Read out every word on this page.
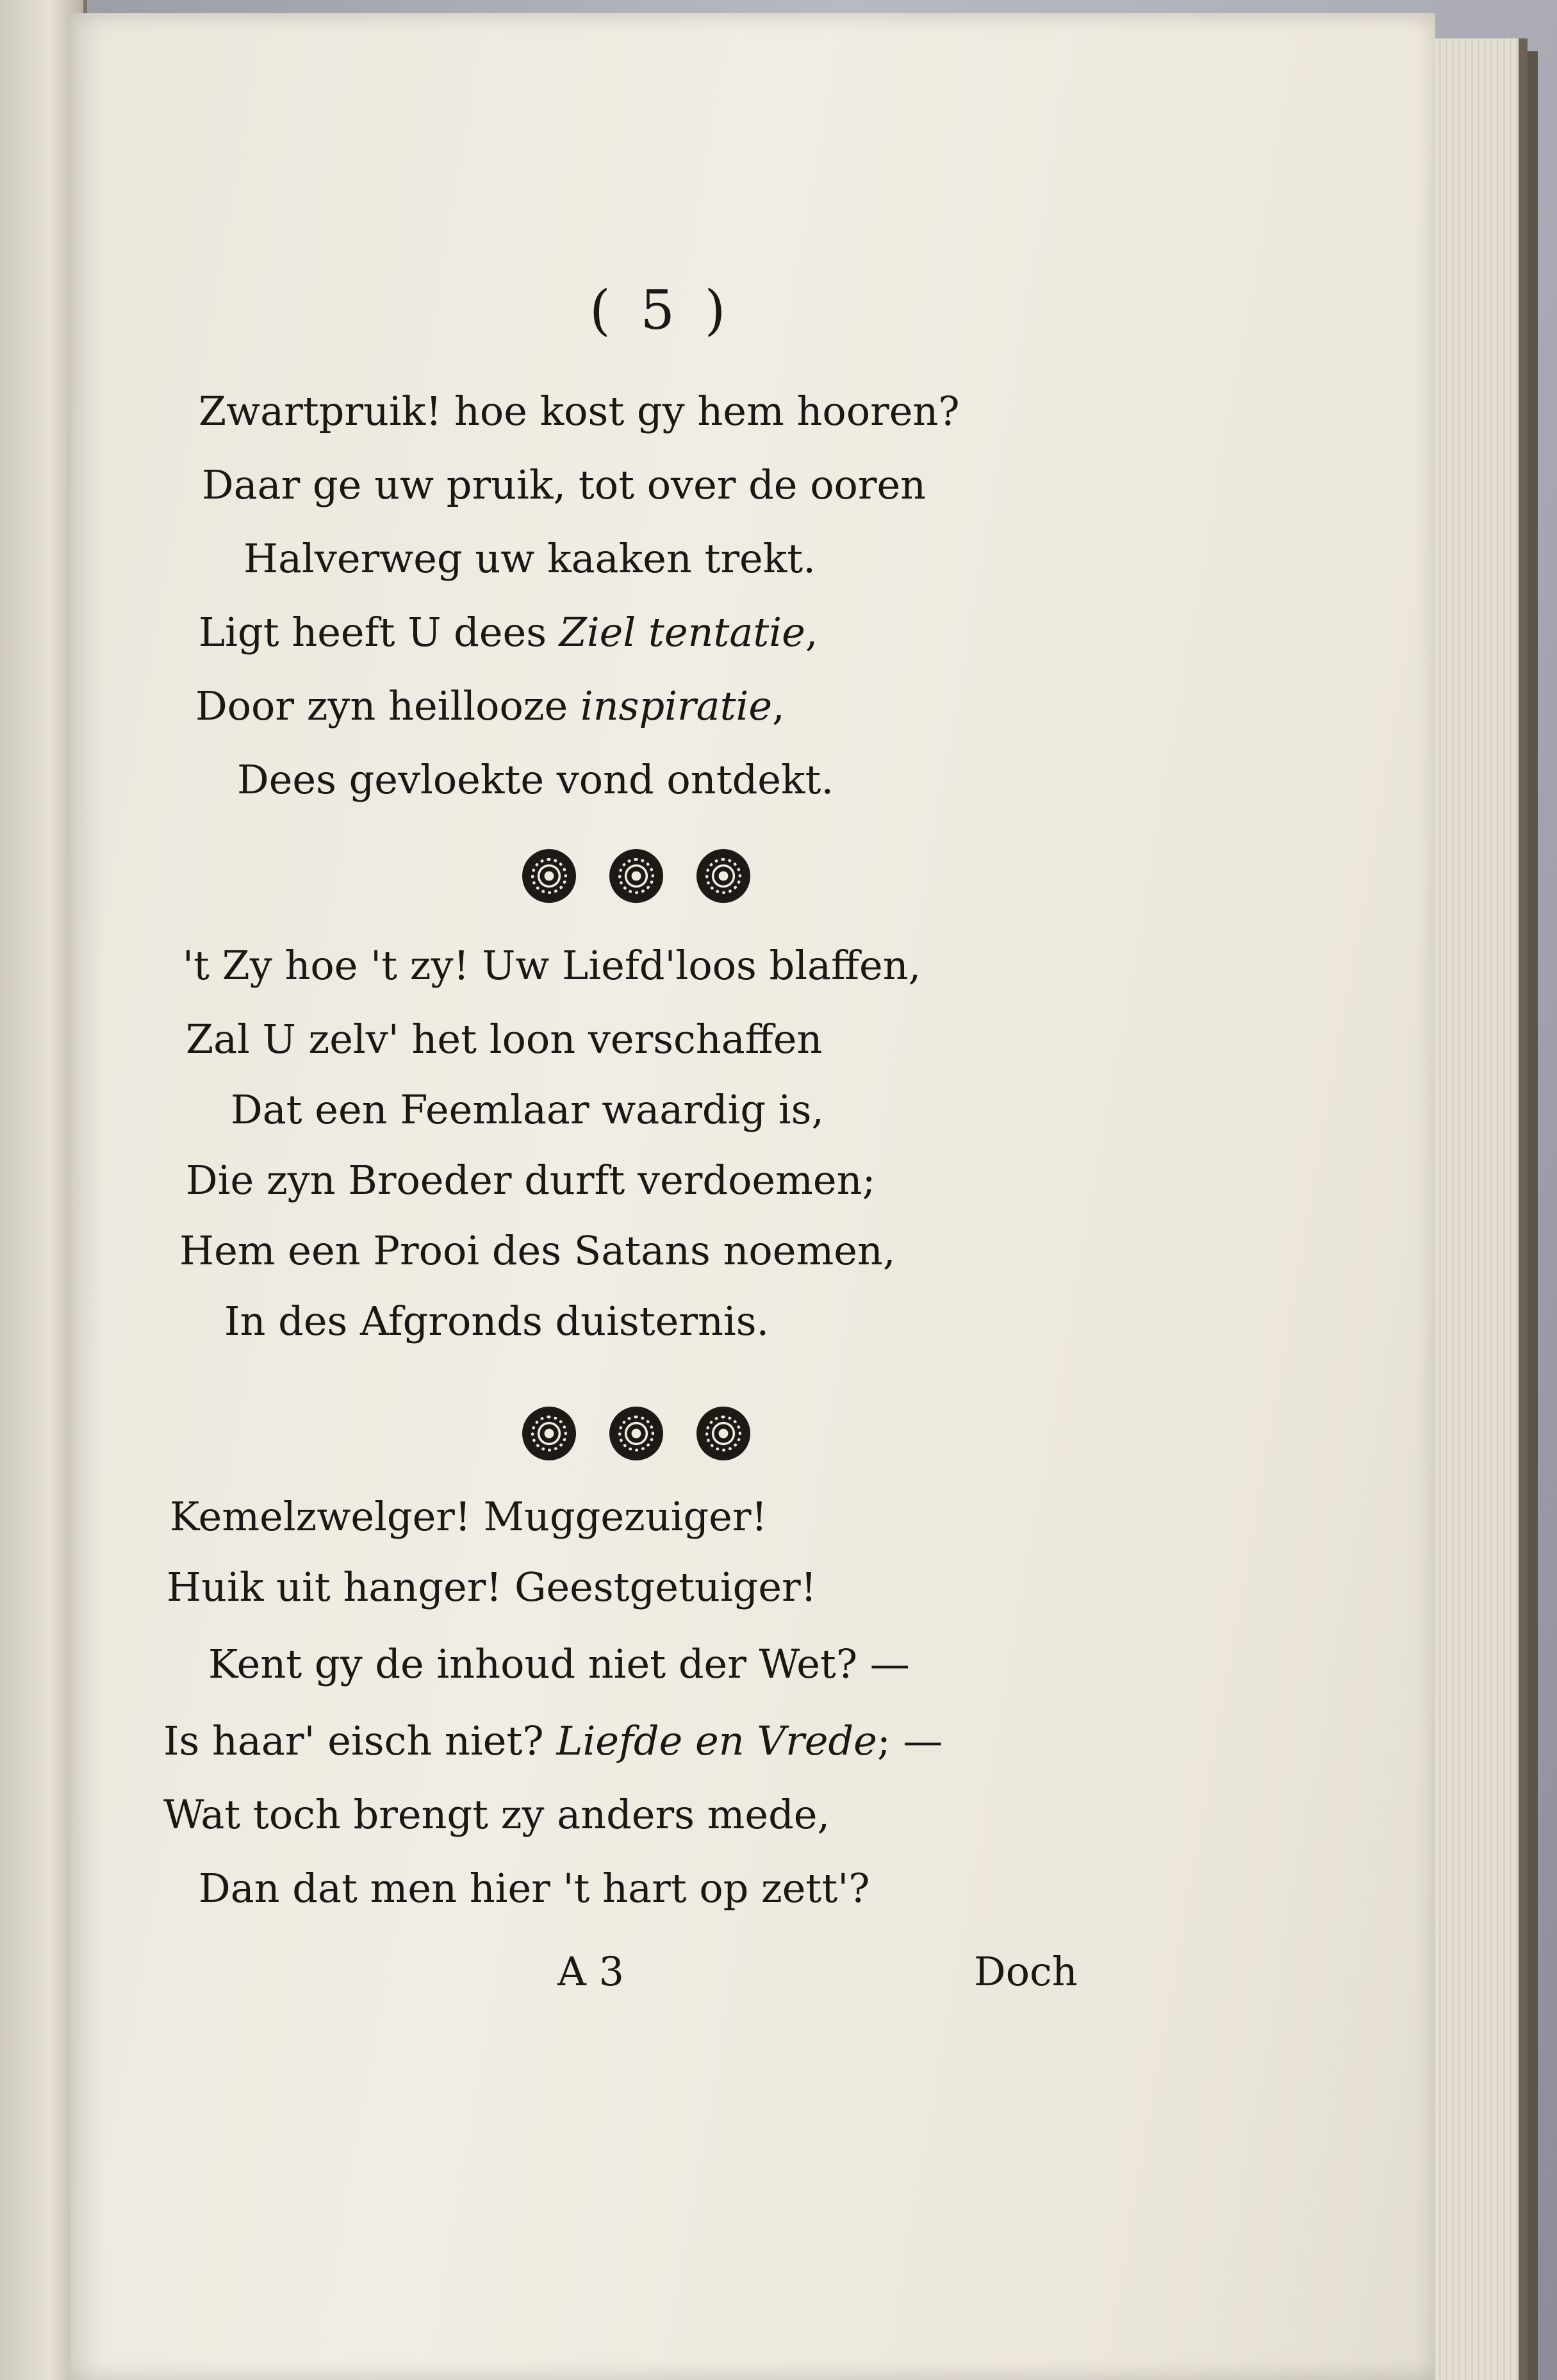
( 5 )
Zwartpruik! hoe kost gy hem hooren?
Daar ge uw pruik, tot over de ooren
Halverweg uw kaaken trekt.
Ligt heeft U dees Ziel tentatie,
Door zyn heillooze inspiratie,
Dees gevloekte vond ontdekt.
't Zy hoe 't zy! Uw Liefd'loos blaffen,
Zal U zelv' het loon verschaffen
Dat een Feemlaar waardig is,
Die zyn Broeder durft verdoemen;
Hem een Prooi des Satans noemen,
In des Afgronds duisternis.
Kemelzwelger! Muggezuiger!
Huik uit hanger! Geestgetuiger!
Kent gy de inhoud niet der Wet? —
Is haar' eisch niet? Liefde en Vrede; —
Wat toch brengt zy anders mede,
Dan dat men hier 't hart op zett'?
A 3	Doch
